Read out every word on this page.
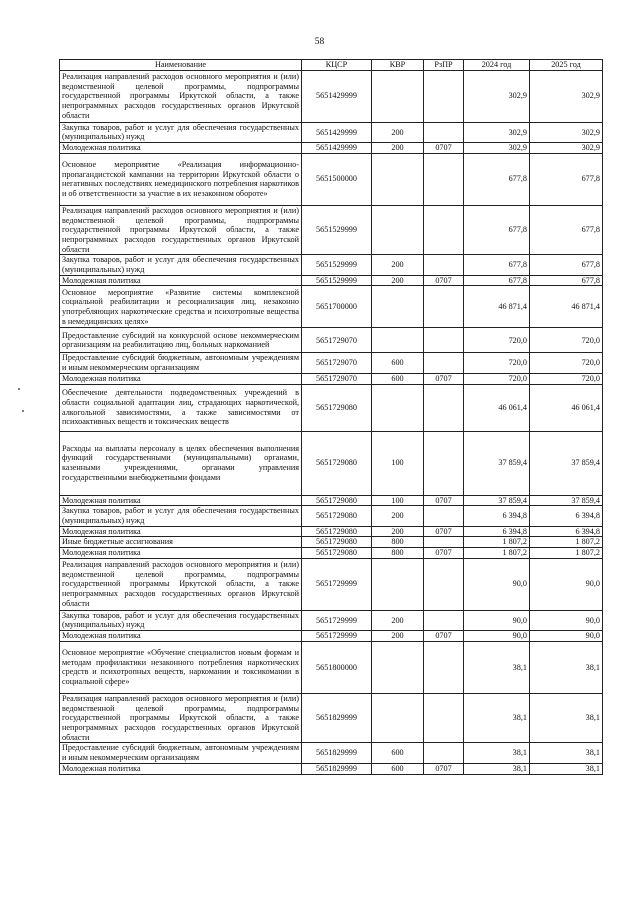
58
Наименование	КЦСР	КВР	РзПР	2024 год	2025 год
Реализация направлений расходов основного мероприятия и (или) ведомственной целевой программы, подпрограммы государственной программы Иркутской области, а также непрограммных расходов государственных органов Иркутской области	5651429999			302,9	302,9
Закупка товаров, работ и услуг для обеспечения государственных (муниципальных) нужд	5651429999	200		302,9	302,9
Молодежная политика	5651429999	200	0707	302,9	302,9
Основное мероприятие «Реализация информационно-пропагандистской кампании на территории Иркутской области о негативных последствиях немедицинского потребления наркотиков и об ответственности за участие в их незаконном обороте»	5651500000			677,8	677,8
Реализация направлений расходов основного мероприятия и (или) ведомственной целевой программы, подпрограммы государственной программы Иркутской области, а также непрограммных расходов государственных органов Иркутской области	5651529999			677,8	677,8
Закупка товаров, работ и услуг для обеспечения государственных (муниципальных) нужд	5651529999	200		677,8	677,8
Молодежная политика	5651529999	200	0707	677,8	677,8
Основное мероприятие «Развитие системы комплексной социальной реабилитации и ресоциализация лиц, незаконно употребляющих наркотические средства и психотропные вещества в немедицинских целях»	5651700000			46 871,4	46 871,4
Предоставление субсидий на конкурсной основе некоммерческим организациям на реабилитацию лиц, больных наркоманией	5651729070			720,0	720,0
Предоставление субсидий бюджетным, автономным учреждениям и иным некоммерческим организациям	5651729070	600		720,0	720,0
Молодежная политика	5651729070	600	0707	720,0	720,0
Обеспечение деятельности подведомственных учреждений в области социальной адаптации лиц, страдающих наркотической, алкогольной зависимостями, а также зависимостями от психоактивных веществ и токсических веществ	5651729080			46 061,4	46 061,4
Расходы на выплаты персоналу в целях обеспечения выполнения функций государственными (муниципальными) органами, казенными учреждениями, органами управления государственными внебюджетными фондами	5651729080	100		37 859,4	37 859,4
Молодежная политика	5651729080	100	0707	37 859,4	37 859,4
Закупка товаров, работ и услуг для обеспечения государственных (муниципальных) нужд	5651729080	200		6 394,8	6 394,8
Молодежная политика	5651729080	200	0707	6 394,8	6 394,8
Иные бюджетные ассигнования	5651729080	800		1 807,2	1 807,2
Молодежная политика	5651729080	800	0707	1 807,2	1 807,2
Реализация направлений расходов основного мероприятия и (или) ведомственной целевой программы, подпрограммы государственной программы Иркутской области, а также непрограммных расходов государственных органов Иркутской области	5651729999			90,0	90,0
Закупка товаров, работ и услуг для обеспечения государственных (муниципальных) нужд	5651729999	200		90,0	90,0
Молодежная политика	5651729999	200	0707	90,0	90,0
Основное мероприятие «Обучение специалистов новым формам и методам профилактики незаконного потребления наркотических средств и психотропных веществ, наркомании и токсикомании в социальной сфере»	5651800000			38,1	38,1
Реализация направлений расходов основного мероприятия и (или) ведомственной целевой программы, подпрограммы государственной программы Иркутской области, а также непрограммных расходов государственных органов Иркутской области	5651829999			38,1	38,1
Предоставление субсидий бюджетным, автономным учреждениям и иным некоммерческим организациям	5651829999	600		38,1	38,1
Молодежная политика	5651829999	600	0707	38,1	38,1
